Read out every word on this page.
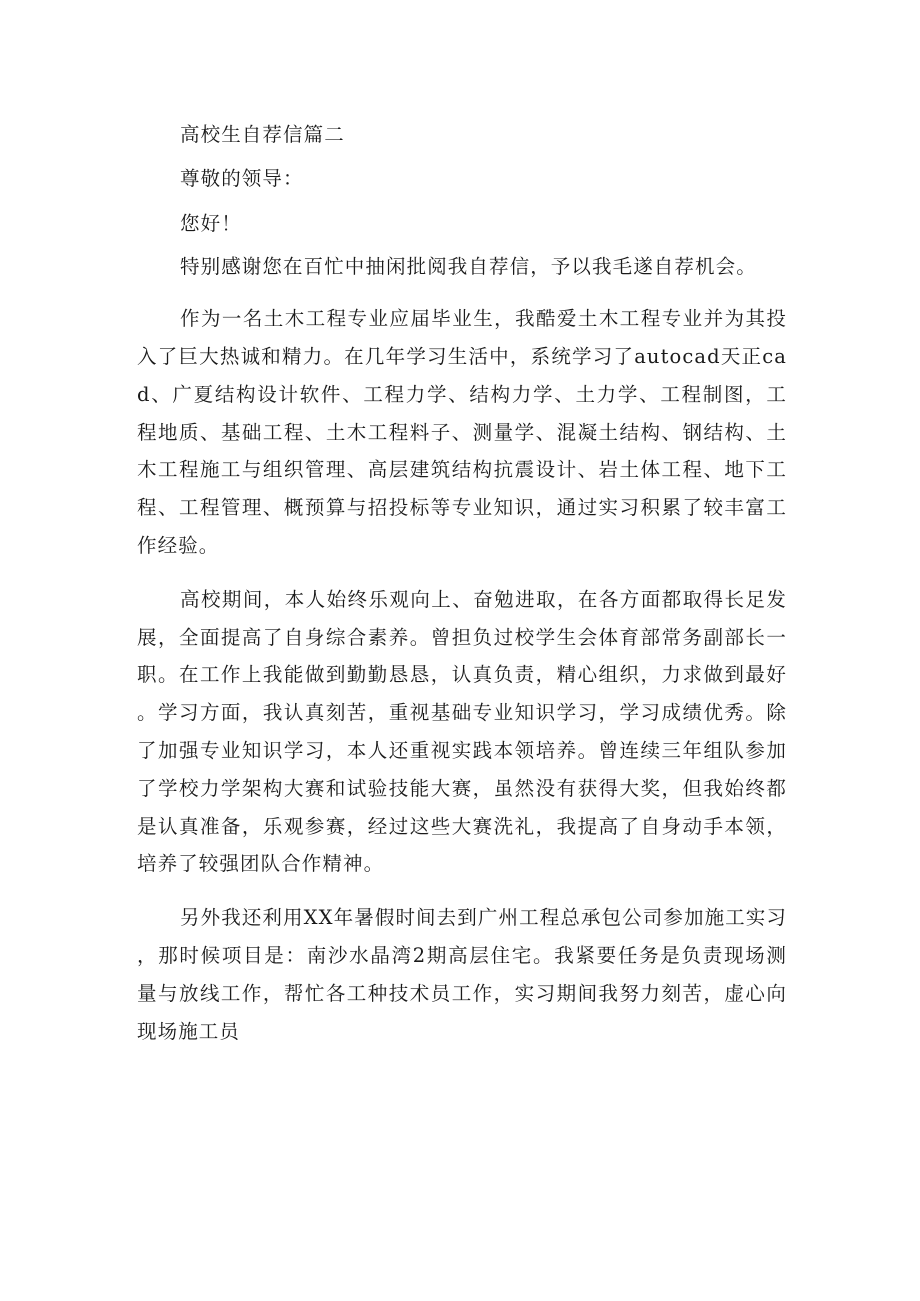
高校生自荐信篇二

尊敬的领导：

您好！

特别感谢您在百忙中抽闲批阅我自荐信，予以我毛遂自荐机会。

作为一名土木工程专业应届毕业生，我酷爱土木工程专业并为其投入了巨大热诚和精力。在几年学习生活中，系统学习了autocad天正cad、广夏结构设计软件、工程力学、结构力学、土力学、工程制图，工程地质、基础工程、土木工程料子、测量学、混凝土结构、钢结构、土木工程施工与组织管理、高层建筑结构抗震设计、岩土体工程、地下工程、工程管理、概预算与招投标等专业知识，通过实习积累了较丰富工作经验。

高校期间，本人始终乐观向上、奋勉进取，在各方面都取得长足发展，全面提高了自身综合素养。曾担负过校学生会体育部常务副部长一职。在工作上我能做到勤勤恳恳，认真负责，精心组织，力求做到最好。学习方面，我认真刻苦，重视基础专业知识学习，学习成绩优秀。除了加强专业知识学习，本人还重视实践本领培养。曾连续三年组队参加了学校力学架构大赛和试验技能大赛，虽然没有获得大奖，但我始终都是认真准备，乐观参赛，经过这些大赛洗礼，我提高了自身动手本领，培养了较强团队合作精神。

另外我还利用XX年暑假时间去到广州工程总承包公司参加施工实习，那时候项目是：南沙水晶湾2期高层住宅。我紧要任务是负责现场测量与放线工作，帮忙各工种技术员工作，实习期间我努力刻苦，虚心向现场施工员
